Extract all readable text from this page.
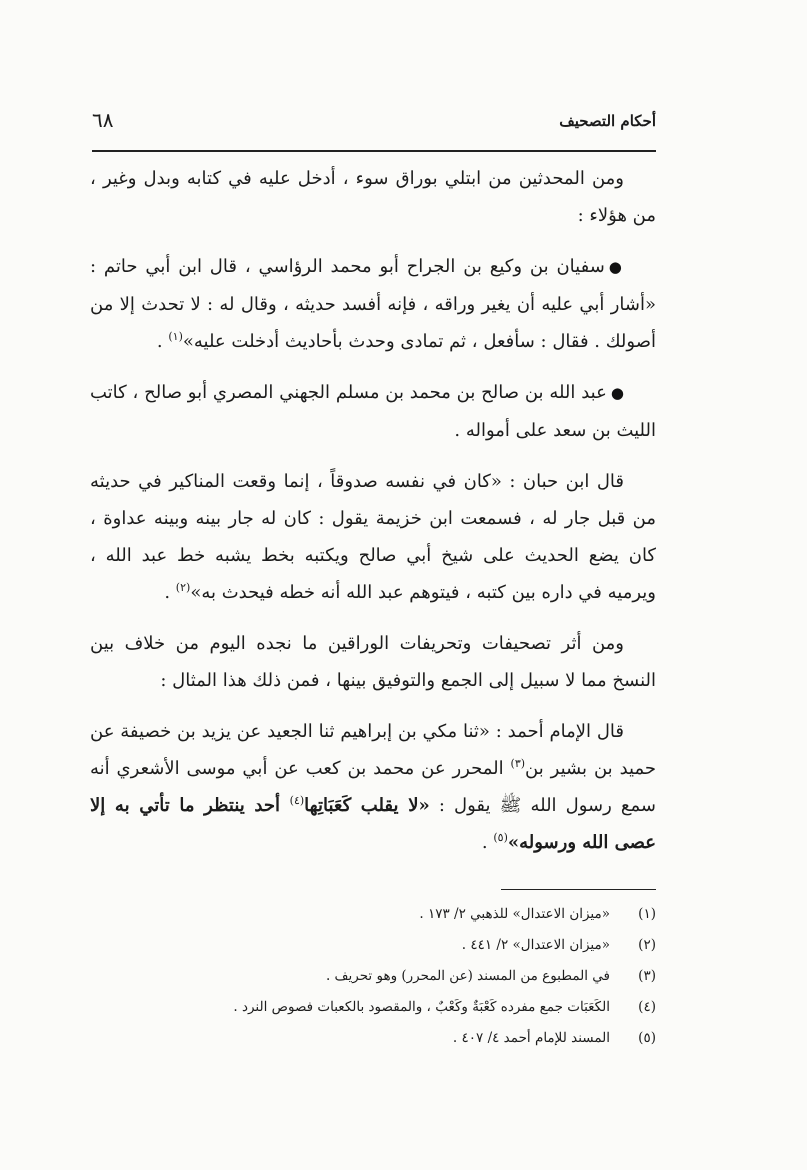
أحكام التصحيف
٦٨

ومن المحدثين من ابتلي بوراق سوء ، أدخل عليه في كتابه وبدل وغير ، من هؤلاء :

●سفيان بن وكيع بن الجراح أبو محمد الرؤاسي ، قال ابن أبي حاتم : «أشار أبي عليه أن يغير وراقه ، فإنه أفسد حديثه ، وقال له : لا تحدث إلا من أصولك . فقال : سأفعل ، ثم تمادى وحدث بأحاديث أدخلت عليه»$^{(١)}$ .

●عبد الله بن صالح بن محمد بن مسلم الجهني المصري أبو صالح ، كاتب الليث بن سعد على أمواله .

قال ابن حبان : «كان في نفسه صدوقاً ، إنما وقعت المناكير في حديثه من قبل جار له ، فسمعت ابن خزيمة يقول : كان له جار بينه وبينه عداوة ، كان يضع الحديث على شيخ أبي صالح ويكتبه بخط يشبه خط عبد الله ، ويرميه في داره بين كتبه ، فيتوهم عبد الله أنه خطه فيحدث به»$^{(٢)}$ .

ومن أثر تصحيفات وتحريفات الوراقين ما نجده اليوم من خلاف بين النسخ مما لا سبيل إلى الجمع والتوفيق بينها ، فمن ذلك هذا المثال :

قال الإمام أحمد : «ثنا مكي بن إبراهيم ثنا الجعيد عن يزيد بن خصيفة عن حميد بن بشير بن$^{(٣)}$ المحرر عن محمد بن كعب عن أبي موسى الأشعري أنه سمع رسول الله ﷺ يقول : «لا يقلب كَعَبَاتِها$^{(٤)}$ أحد ينتظر ما تأتي به إلا عصى الله ورسوله»$^{(٥)}$ .

(١)
«ميزان الاعتدال» للذهبي ٢/ ١٧٣ .
(٢)
«ميزان الاعتدال» ٢/ ٤٤١ .
(٣)
في المطبوع من المسند (عن المحرر) وهو تحريف .
(٤)
الكَعَبَات جمع مفرده كَعْبَةٌ وكَعْبٌ ، والمقصود بالكعبات فصوص النرد .
(٥)
المسند للإمام أحمد ٤/ ٤٠٧ .
